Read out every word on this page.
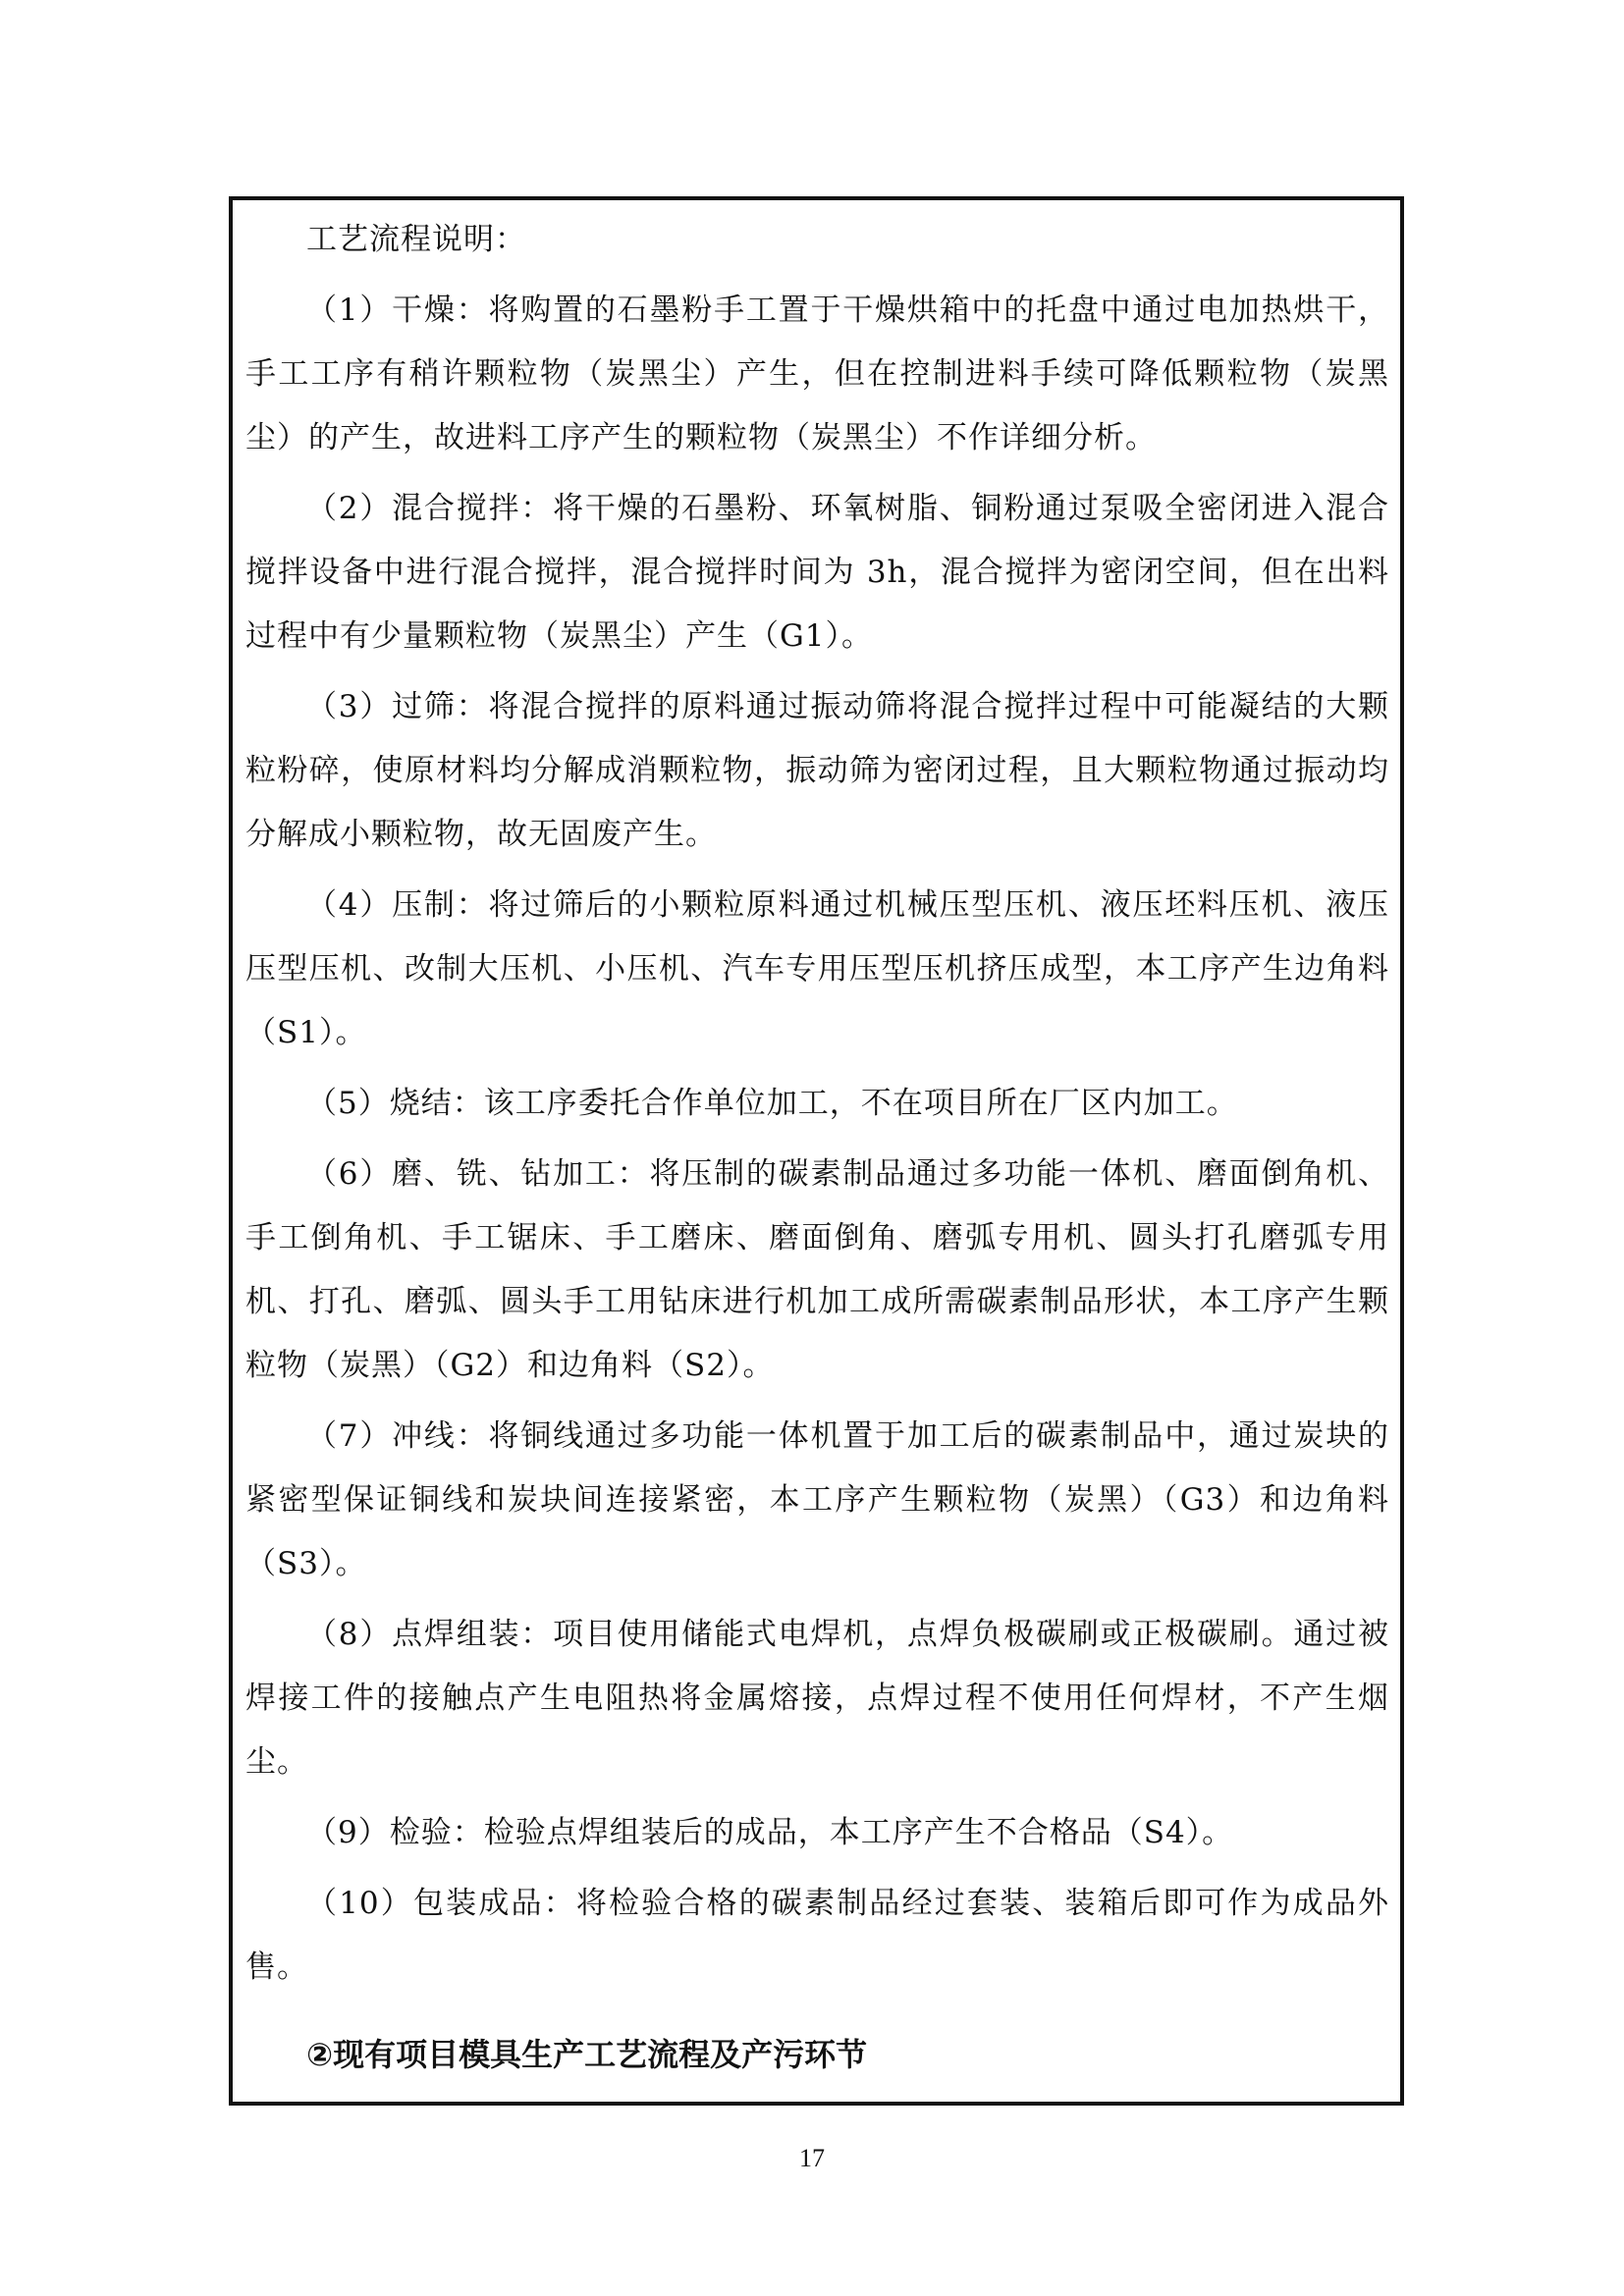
工艺流程说明：

（1）干燥：将购置的石墨粉手工置于干燥烘箱中的托盘中通过电加热烘干，手工工序有稍许颗粒物（炭黑尘）产生，但在控制进料手续可降低颗粒物（炭黑尘）的产生，故进料工序产生的颗粒物（炭黑尘）不作详细分析。

（2）混合搅拌：将干燥的石墨粉、环氧树脂、铜粉通过泵吸全密闭进入混合搅拌设备中进行混合搅拌，混合搅拌时间为 3h，混合搅拌为密闭空间，但在出料过程中有少量颗粒物（炭黑尘）产生（G1）。

（3）过筛：将混合搅拌的原料通过振动筛将混合搅拌过程中可能凝结的大颗粒粉碎，使原材料均分解成消颗粒物，振动筛为密闭过程，且大颗粒物通过振动均分解成小颗粒物，故无固废产生。

（4）压制：将过筛后的小颗粒原料通过机械压型压机、液压坯料压机、液压压型压机、改制大压机、小压机、汽车专用压型压机挤压成型，本工序产生边角料（S1）。

（5）烧结：该工序委托合作单位加工，不在项目所在厂区内加工。

（6）磨、铣、钻加工：将压制的碳素制品通过多功能一体机、磨面倒角机、手工倒角机、手工锯床、手工磨床、磨面倒角、磨弧专用机、圆头打孔磨弧专用机、打孔、磨弧、圆头手工用钻床进行机加工成所需碳素制品形状，本工序产生颗粒物（炭黑）（G2）和边角料（S2）。

（7）冲线：将铜线通过多功能一体机置于加工后的碳素制品中，通过炭块的紧密型保证铜线和炭块间连接紧密，本工序产生颗粒物（炭黑）（G3）和边角料（S3）。

（8）点焊组装：项目使用储能式电焊机，点焊负极碳刷或正极碳刷。通过被焊接工件的接触点产生电阻热将金属熔接，点焊过程不使用任何焊材，不产生烟尘。

（9）检验：检验点焊组装后的成品，本工序产生不合格品（S4）。

（10）包装成品：将检验合格的碳素制品经过套装、装箱后即可作为成品外售。

②现有项目模具生产工艺流程及产污环节

17
